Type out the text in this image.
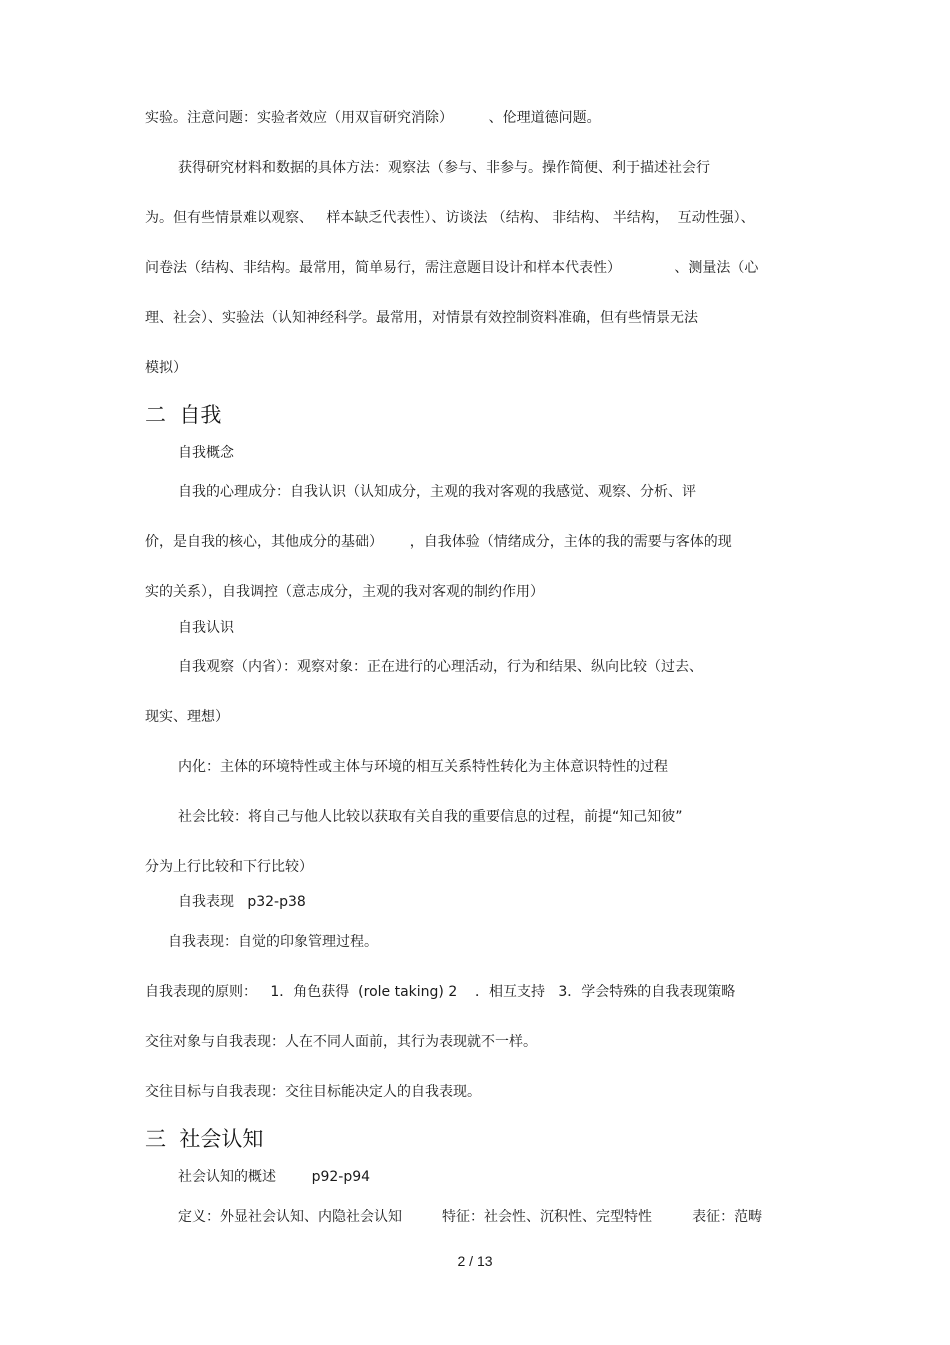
实验。注意问题：实验者效应（用双盲研究消除）        、伦理道德问题。
获得研究材料和数据的具体方法：观察法（参与、非参与。操作简便、利于描述社会行
为。但有些情景难以观察、   样本缺乏代表性）、访谈法 （结构、 非结构、 半结构，  互动性强）、
问卷法（结构、非结构。最常用，简单易行，需注意题目设计和样本代表性）            、测量法（心
理、社会）、实验法（认知神经科学。最常用，对情景有效控制资料准确，但有些情景无法
模拟）
二  自我
自我概念
自我的心理成分：自我认识（认知成分，主观的我对客观的我感觉、观察、分析、评
价，是自我的核心，其他成分的基础）      ，自我体验（情绪成分，主体的我的需要与客体的现
实的关系），自我调控（意志成分，主观的我对客观的制约作用）
自我认识
自我观察（内省）：观察对象：正在进行的心理活动，行为和结果、纵向比较（过去、
现实、理想）
内化：主体的环境特性或主体与环境的相互关系特性转化为主体意识特性的过程
社会比较：将自己与他人比较以获取有关自我的重要信息的过程，前提“知己知彼”
分为上行比较和下行比较）
自我表现   p32-p38
自我表现：自觉的印象管理过程。
自我表现的原则：   1．角色获得  (role taking) 2    ．相互支持   3．学会特殊的自我表现策略
交往对象与自我表现：人在不同人面前，其行为表现就不一样。
交往目标与自我表现：交往目标能决定人的自我表现。
三  社会认知
社会认知的概述        p92-p94
定义：外显社会认知、内隐社会认知         特征：社会性、沉积性、完型特性         表征：范畴
2 / 13
